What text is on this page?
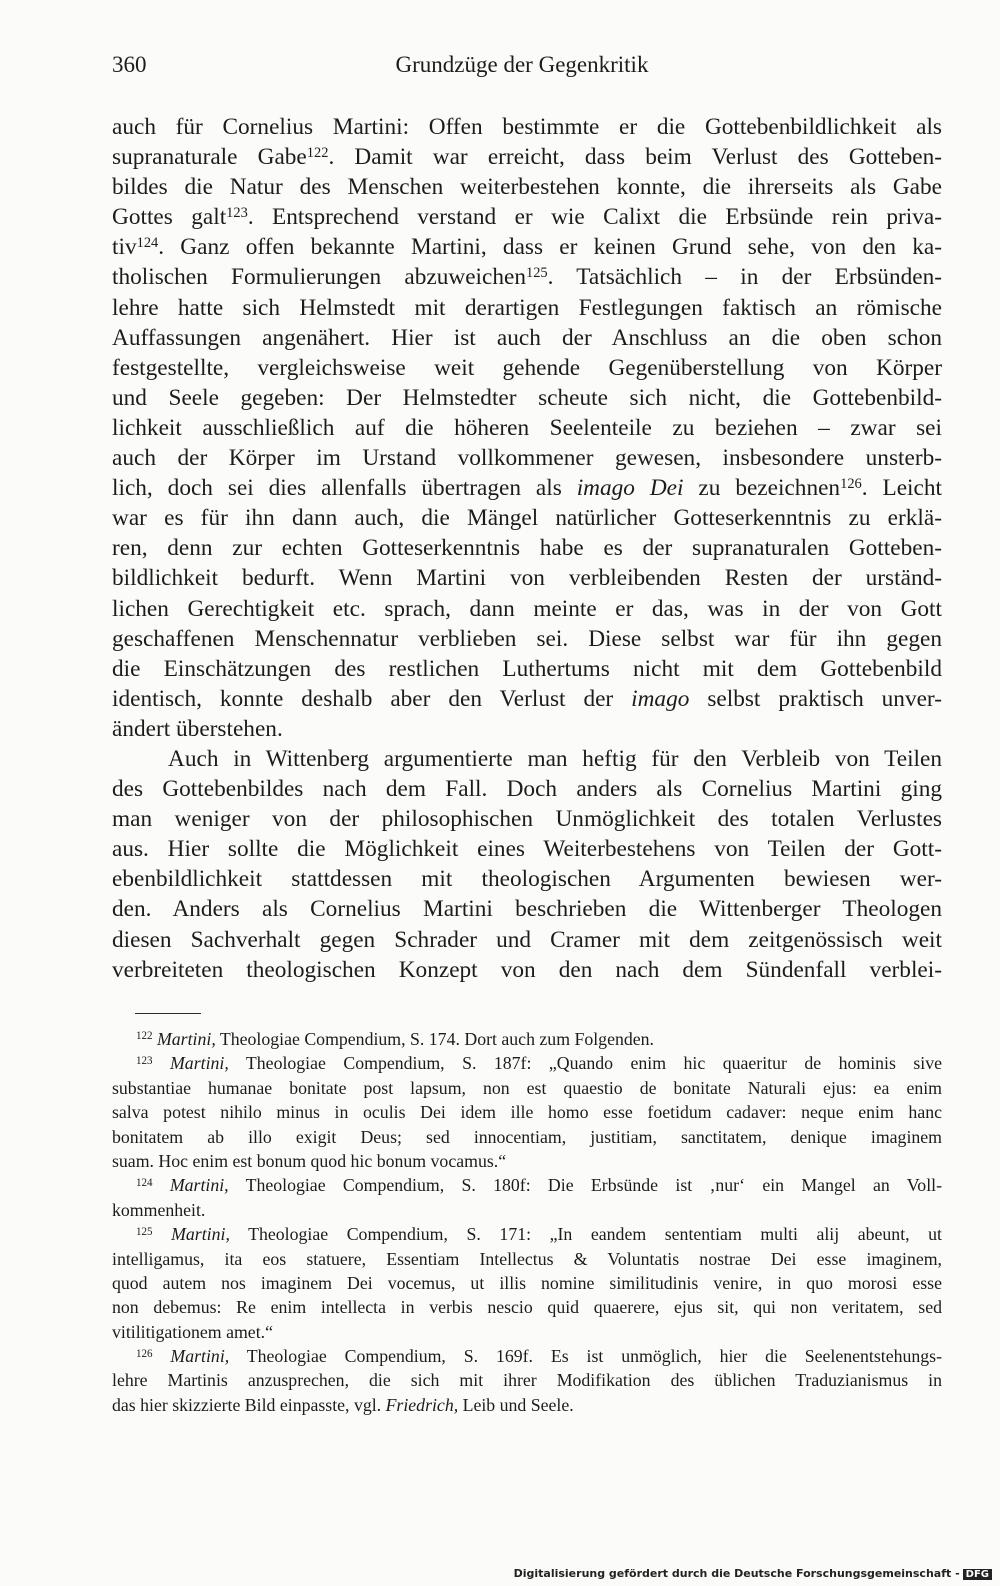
360	Grundzüge der Gegenkritik
auch für Cornelius Martini: Offen bestimmte er die Gottebenbildlichkeit als
supranaturale Gabe$^{122}$. Damit war erreicht, dass beim Verlust des Gotteben-
bildes die Natur des Menschen weiterbestehen konnte, die ihrerseits als Gabe
Gottes galt$^{123}$. Entsprechend verstand er wie Calixt die Erbsünde rein priva-
tiv$^{124}$. Ganz offen bekannte Martini, dass er keinen Grund sehe, von den ka-
tholischen Formulierungen abzuweichen$^{125}$. Tatsächlich – in der Erbsünden-
lehre hatte sich Helmstedt mit derartigen Festlegungen faktisch an römische
Auffassungen angenähert. Hier ist auch der Anschluss an die oben schon
festgestellte, vergleichsweise weit gehende Gegenüberstellung von Körper
und Seele gegeben: Der Helmstedter scheute sich nicht, die Gottebenbild-
lichkeit ausschließlich auf die höheren Seelenteile zu beziehen – zwar sei
auch der Körper im Urstand vollkommener gewesen, insbesondere unsterb-
lich, doch sei dies allenfalls übertragen als imago Dei zu bezeichnen$^{126}$. Leicht
war es für ihn dann auch, die Mängel natürlicher Gotteserkenntnis zu erklä-
ren, denn zur echten Gotteserkenntnis habe es der supranaturalen Gotteben-
bildlichkeit bedurft. Wenn Martini von verbleibenden Resten der urständ-
lichen Gerechtigkeit etc. sprach, dann meinte er das, was in der von Gott
geschaffenen Menschennatur verblieben sei. Diese selbst war für ihn gegen
die Einschätzungen des restlichen Luthertums nicht mit dem Gottebenbild
identisch, konnte deshalb aber den Verlust der imago selbst praktisch unver-
ändert überstehen.
Auch in Wittenberg argumentierte man heftig für den Verbleib von Teilen
des Gottebenbildes nach dem Fall. Doch anders als Cornelius Martini ging
man weniger von der philosophischen Unmöglichkeit des totalen Verlustes
aus. Hier sollte die Möglichkeit eines Weiterbestehens von Teilen der Gott-
ebenbildlichkeit stattdessen mit theologischen Argumenten bewiesen wer-
den. Anders als Cornelius Martini beschrieben die Wittenberger Theologen
diesen Sachverhalt gegen Schrader und Cramer mit dem zeitgenössisch weit
verbreiteten theologischen Konzept von den nach dem Sündenfall verblei-
$^{122}$ Martini, Theologiae Compendium, S. 174. Dort auch zum Folgenden.
$^{123}$ Martini, Theologiae Compendium, S. 187f: „Quando enim hic quaeritur de hominis sive
substantiae humanae bonitate post lapsum, non est quaestio de bonitate Naturali ejus: ea enim
salva potest nihilo minus in oculis Dei idem ille homo esse foetidum cadaver: neque enim hanc
bonitatem ab illo exigit Deus; sed innocentiam, justitiam, sanctitatem, denique imaginem
suam. Hoc enim est bonum quod hic bonum vocamus.“
$^{124}$ Martini, Theologiae Compendium, S. 180f: Die Erbsünde ist ‚nur‘ ein Mangel an Voll-
kommenheit.
$^{125}$ Martini, Theologiae Compendium, S. 171: „In eandem sententiam multi alij abeunt, ut
intelligamus, ita eos statuere, Essentiam Intellectus & Voluntatis nostrae Dei esse imaginem,
quod autem nos imaginem Dei vocemus, ut illis nomine similitudinis venire, in quo morosi esse
non debemus: Re enim intellecta in verbis nescio quid quaerere, ejus sit, qui non veritatem, sed
vitilitigationem amet.“
$^{126}$ Martini, Theologiae Compendium, S. 169f. Es ist unmöglich, hier die Seelenentstehungs-
lehre Martinis anzusprechen, die sich mit ihrer Modifikation des üblichen Traduzianismus in
das hier skizzierte Bild einpasste, vgl. Friedrich, Leib und Seele.
Digitalisierung gefördert durch die Deutsche Forschungsgemeinschaft - DFG
